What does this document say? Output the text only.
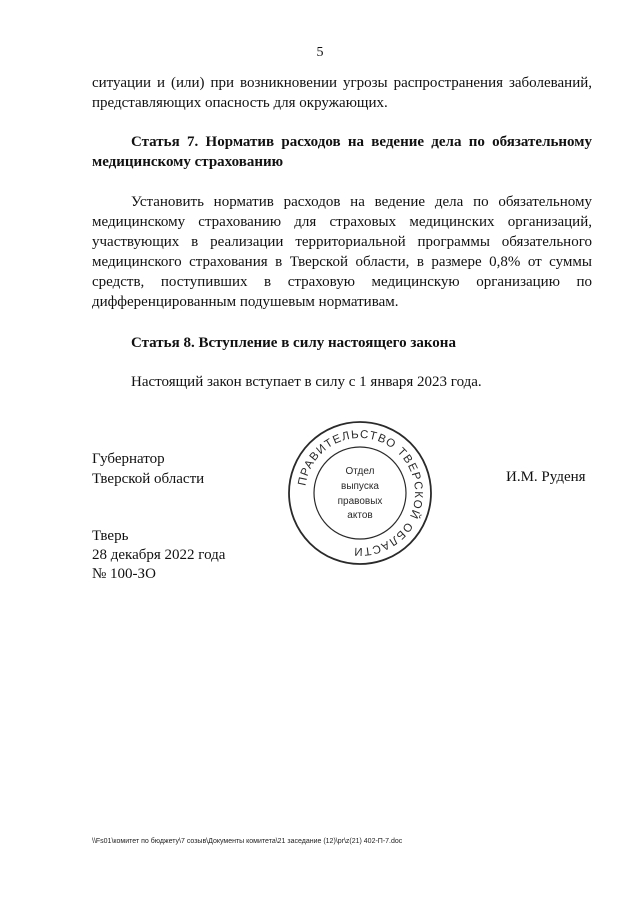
5
ситуации и (или) при возникновении угрозы распространения заболеваний,
представляющих опасность для окружающих.
Статья 7. Норматив расходов на ведение дела по обязательному
медицинскому страхованию
Установить норматив расходов на ведение дела по обязательному
медицинскому страхованию для страховых медицинских организаций,
участвующих в реализации территориальной программы обязательного
медицинского страхования в Тверской области, в размере 0,8% от суммы
средств, поступивших в страховую медицинскую организацию по
дифференцированным подушевым нормативам.
Статья 8. Вступление в силу настоящего закона
Настоящий закон вступает в силу с 1 января 2023 года.
Губернатор
Тверской области	ПРАВИТЕЛЬСТВО ТВЕРСКОЙ ОБЛАСТИ
Отдел
выпуска
правовых
актов
И.М. Руденя
Тверь
28 декабря 2022 года
№ 100-ЗО
\\Fs01\комитет по бюджету\7 созыв\Документы комитета\21 заседание (12)\pr\z(21) 402-П-7.doc
